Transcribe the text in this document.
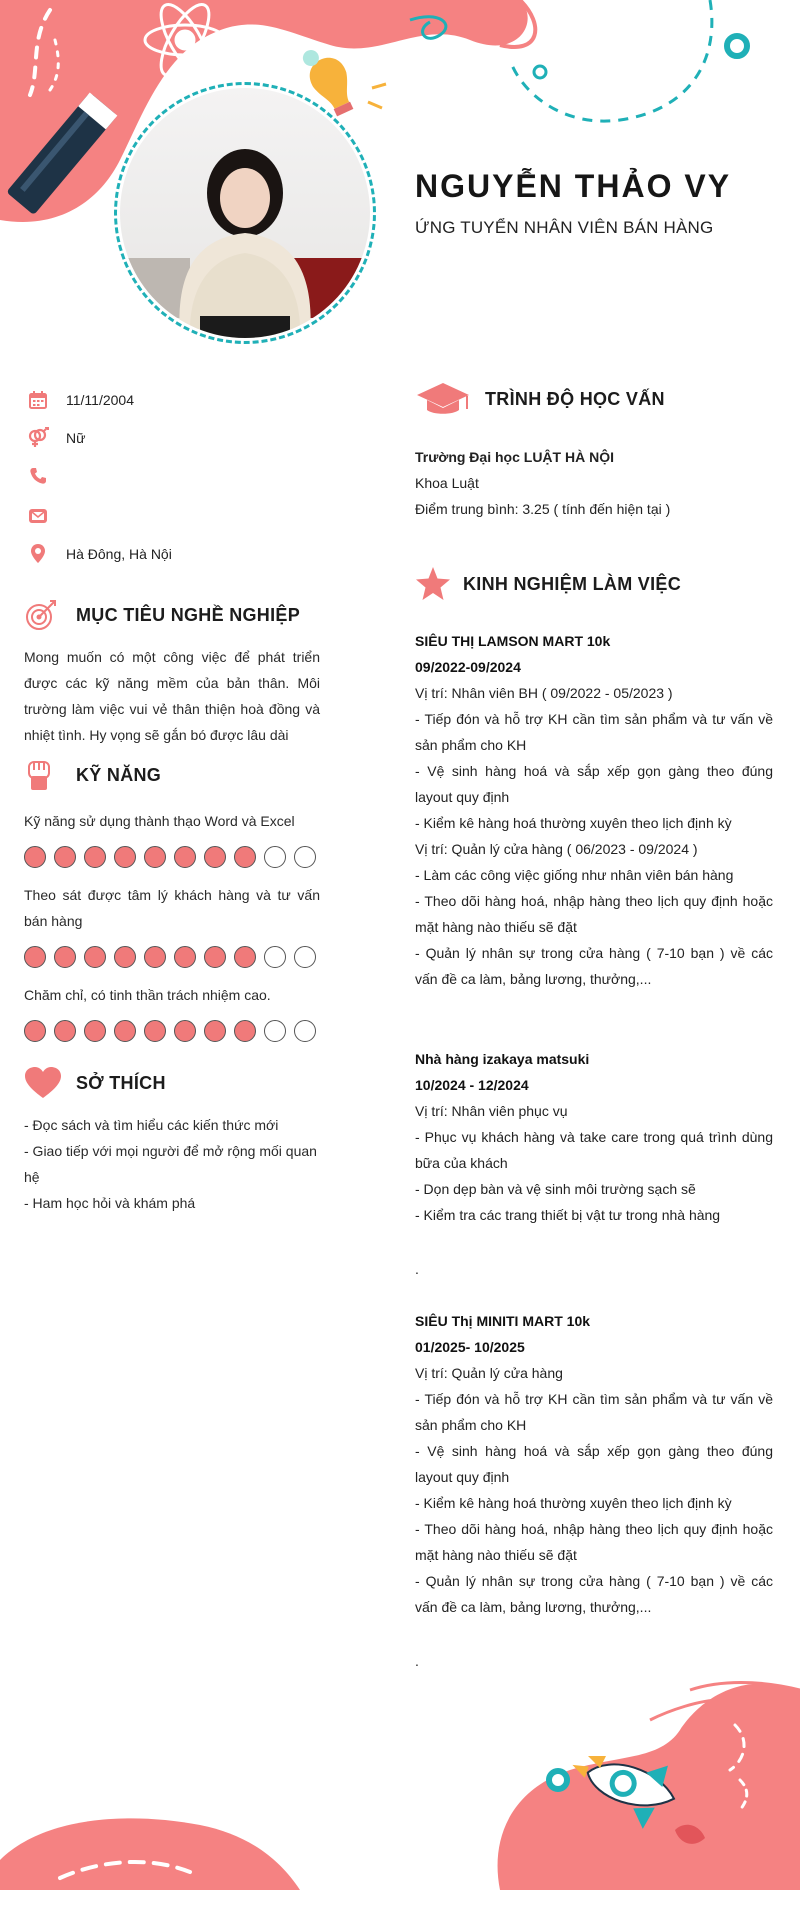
NGUYỄN THẢO VY
ỨNG TUYỂN NHÂN VIÊN BÁN HÀNG
11/11/2004
Nữ
Hà Đông, Hà Nội
MỤC TIÊU NGHỀ NGHIỆP
Mong muốn có một công việc để phát triển được các kỹ năng mềm của bản thân. Môi trường làm việc vui vẻ thân thiện hoà đồng và nhiệt tình. Hy vọng sẽ gắn bó được lâu dài
KỸ NĂNG
Kỹ năng sử dụng thành thạo Word và Excel
Theo sát được tâm lý khách hàng và tư vấn bán hàng
Chăm chỉ, có tinh thần trách nhiệm cao.
SỞ THÍCH
- Đọc sách và tìm hiểu các kiến thức mới
- Giao tiếp với mọi người để mở rộng mối quan hệ
- Ham học hỏi và khám phá
TRÌNH ĐỘ HỌC VẤN
Trường Đại học LUẬT HÀ NỘI
Khoa Luật
Điểm trung bình: 3.25 ( tính đến hiện tại )
KINH NGHIỆM LÀM VIỆC
SIÊU THỊ LAMSON MART 10k
09/2022-09/2024
Vị trí: Nhân viên BH ( 09/2022 - 05/2023 )
- Tiếp đón và hỗ trợ KH cần tìm sản phẩm và tư vấn về sản phẩm cho KH
- Vệ sinh hàng hoá và sắp xếp gọn gàng theo đúng layout quy định
- Kiểm kê hàng hoá thường xuyên theo lịch định kỳ
Vị trí: Quản lý cửa hàng ( 06/2023 - 09/2024 )
- Làm các công việc giống như nhân viên bán hàng
- Theo dõi hàng hoá, nhập hàng theo lịch quy định hoặc mặt hàng nào thiếu sẽ đặt
- Quản lý nhân sự trong cửa hàng ( 7-10 bạn ) về các vấn đề ca làm, bảng lương, thưởng,...
Nhà hàng izakaya matsuki
10/2024 - 12/2024
Vị trí: Nhân viên phục vụ
- Phục vụ khách hàng và take care trong quá trình dùng bữa của khách
- Dọn dẹp bàn và vệ sinh môi trường sạch sẽ
- Kiểm tra các trang thiết bị vật tư trong nhà hàng
.
SIÊU Thị MINITI MART 10k
01/2025- 10/2025
Vị trí: Quản lý cửa hàng
- Tiếp đón và hỗ trợ KH cần tìm sản phẩm và tư vấn về sản phẩm cho KH
- Vệ sinh hàng hoá và sắp xếp gọn gàng theo đúng layout quy định
- Kiểm kê hàng hoá thường xuyên theo lịch định kỳ
- Theo dõi hàng hoá, nhập hàng theo lịch quy định hoặc mặt hàng nào thiếu sẽ đặt
- Quản lý nhân sự trong cửa hàng ( 7-10 bạn ) về các vấn đề ca làm, bảng lương, thưởng,...
.
